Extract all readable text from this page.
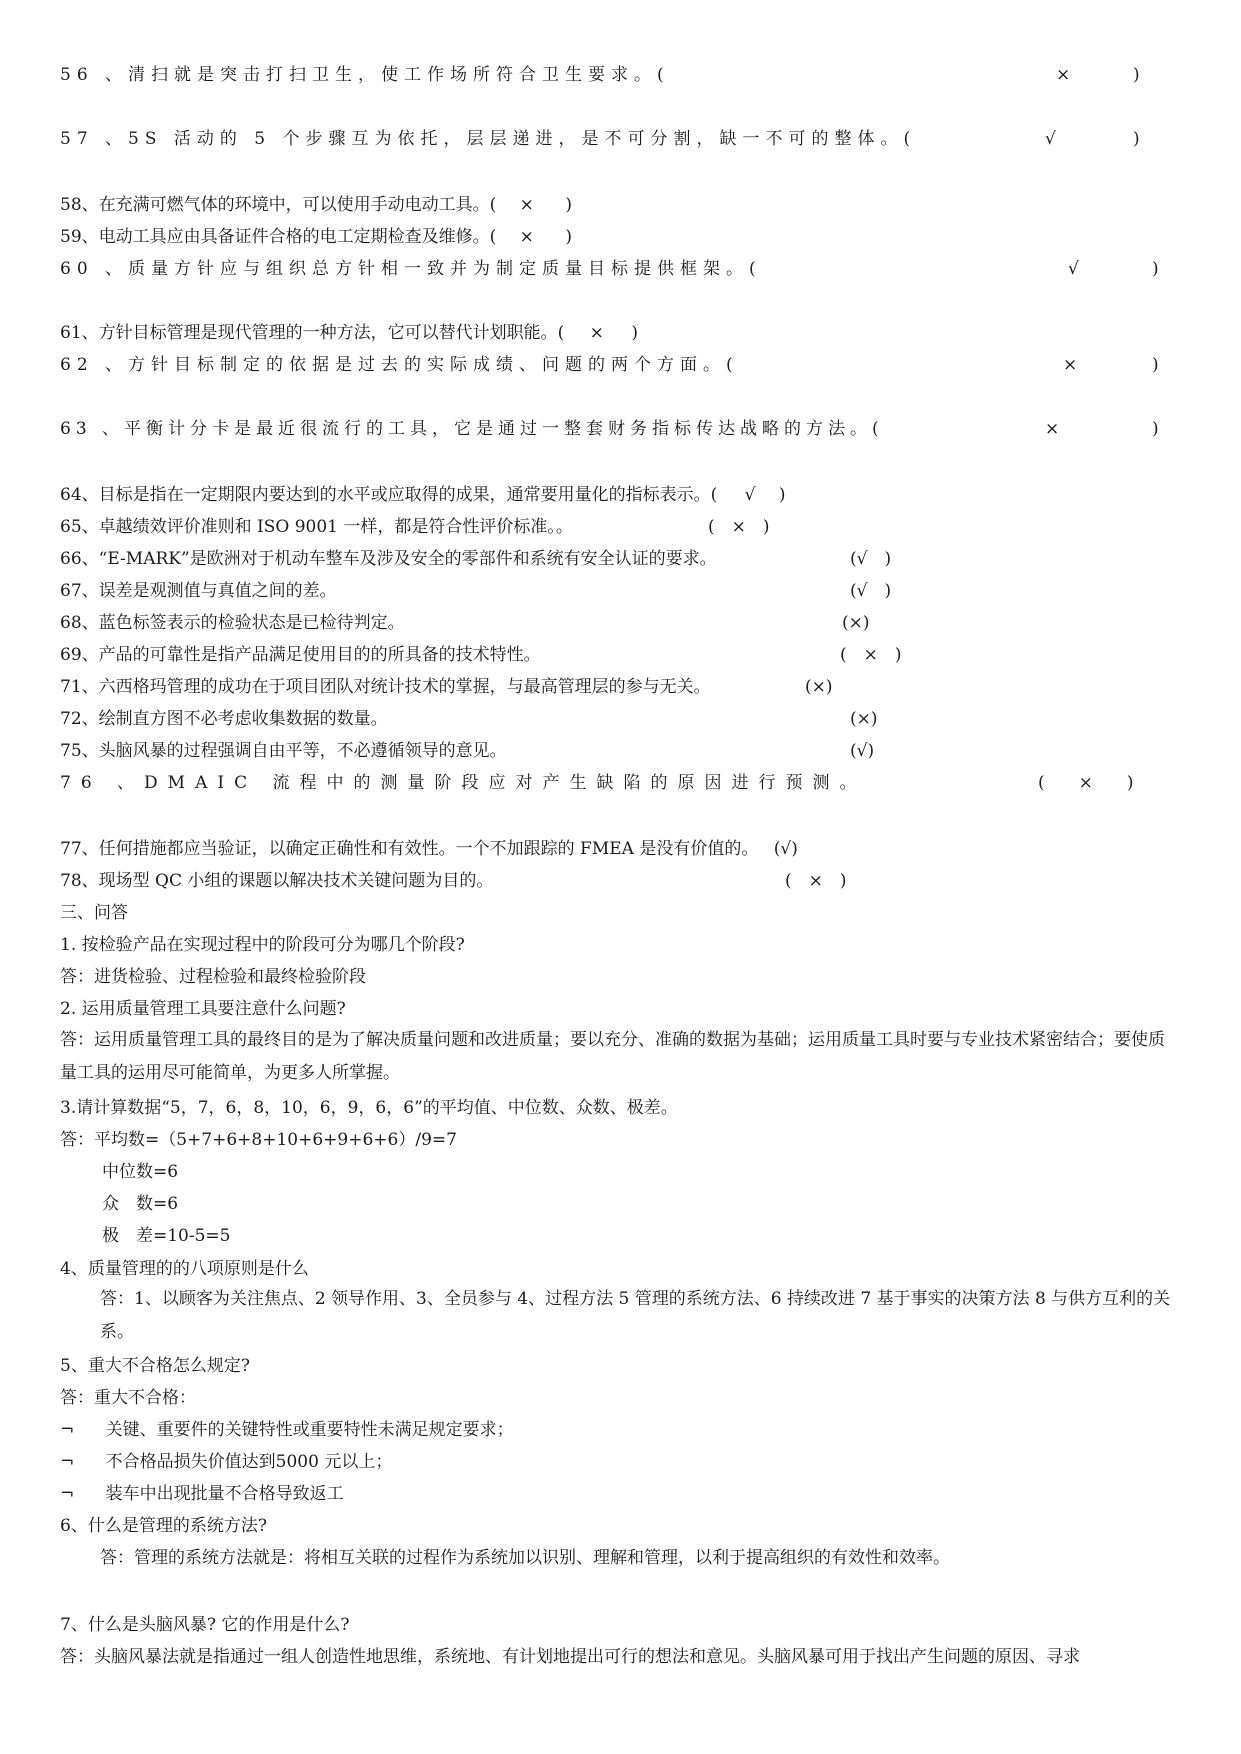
56 、清扫就是突击打扫卫生，使工作场所符合卫生要求。(	×	)
57 、5S 活动的 5 个步骤互为依托，层层递进，是不可分割，缺一不可的整体。(	√	)
58、在充满可燃气体的环境中，可以使用手动电动工具。( × )
59、电动工具应由具备证件合格的电工定期检查及维修。( × )
60 、质量方针应与组织总方针相一致并为制定质量目标提供框架。(	√	)
61、方针目标管理是现代管理的一种方法，它可以替代计划职能。( × )
62 、方针目标制定的依据是过去的实际成绩、问题的两个方面。(	×	)
63 、平衡计分卡是最近很流行的工具，它是通过一整套财务指标传达战略的方法。(	×	)
64、目标是指在一定期限内要达到的水平或应取得的成果，通常要用量化的指标表示。( √ )
65、卓越绩效评价准则和 ISO 9001 一样，都是符合性评价标准。。	(　×　)
66、“E-MARK”是欧洲对于机动车整车及涉及安全的零部件和系统有安全认证的要求。	(√　)
67、误差是观测值与真值之间的差。	(√　)
68、蓝色标签表示的检验状态是已检待判定。	(×)
69、产品的可靠性是指产品满足使用目的的所具备的技术特性。	(　×　)
71、六西格玛管理的成功在于项目团队对统计技术的掌握，与最高管理层的参与无关。	(×)
72、绘制直方图不必考虑收集数据的数量。	(×)
75、头脑风暴的过程强调自由平等，不必遵循领导的意见。	(√)
76 、DMAIC 流程中的测量阶段应对产生缺陷的原因进行预测。	(　　×　　)
77、任何措施都应当验证，以确定正确性和有效性。一个不加跟踪的 FMEA 是没有价值的。 (√)
78、现场型 QC 小组的课题以解决技术关键问题为目的。	(　×　)
三、问答
1. 按检验产品在实现过程中的阶段可分为哪几个阶段?
答：进货检验、过程检验和最终检验阶段
2. 运用质量管理工具要注意什么问题?
答：运用质量管理工具的最终目的是为了解决质量问题和改进质量；要以充分、准确的数据为基础；运用质量工具时要与专业技术紧密结合；要使质量工具的运用尽可能简单，为更多人所掌握。
3.请计算数据“5，7，6，8，10，6，9，6，6”的平均值、中位数、众数、极差。
答：平均数=（5+7+6+8+10+6+9+6+6）/9=7
中位数=6
众　数=6
极　差=10-5=5
4、质量管理的的八项原则是什么
答：1、以顾客为关注焦点、2 领导作用、3、全员参与 4、过程方法 5 管理的系统方法、6 持续改进 7 基于事实的决策方法 8 与供方互利的关系。
5、重大不合格怎么规定?
答：重大不合格：
¬ 关键、重要件的关键特性或重要特性未满足规定要求；
¬ 不合格品损失价值达到5000 元以上；
¬ 装车中出现批量不合格导致返工
6、什么是管理的系统方法?
答：管理的系统方法就是：将相互关联的过程作为系统加以识别、理解和管理，以利于提高组织的有效性和效率。
7、什么是头脑风暴? 它的作用是什么?
答：头脑风暴法就是指通过一组人创造性地思维，系统地、有计划地提出可行的想法和意见。头脑风暴可用于找出产生问题的原因、寻求
